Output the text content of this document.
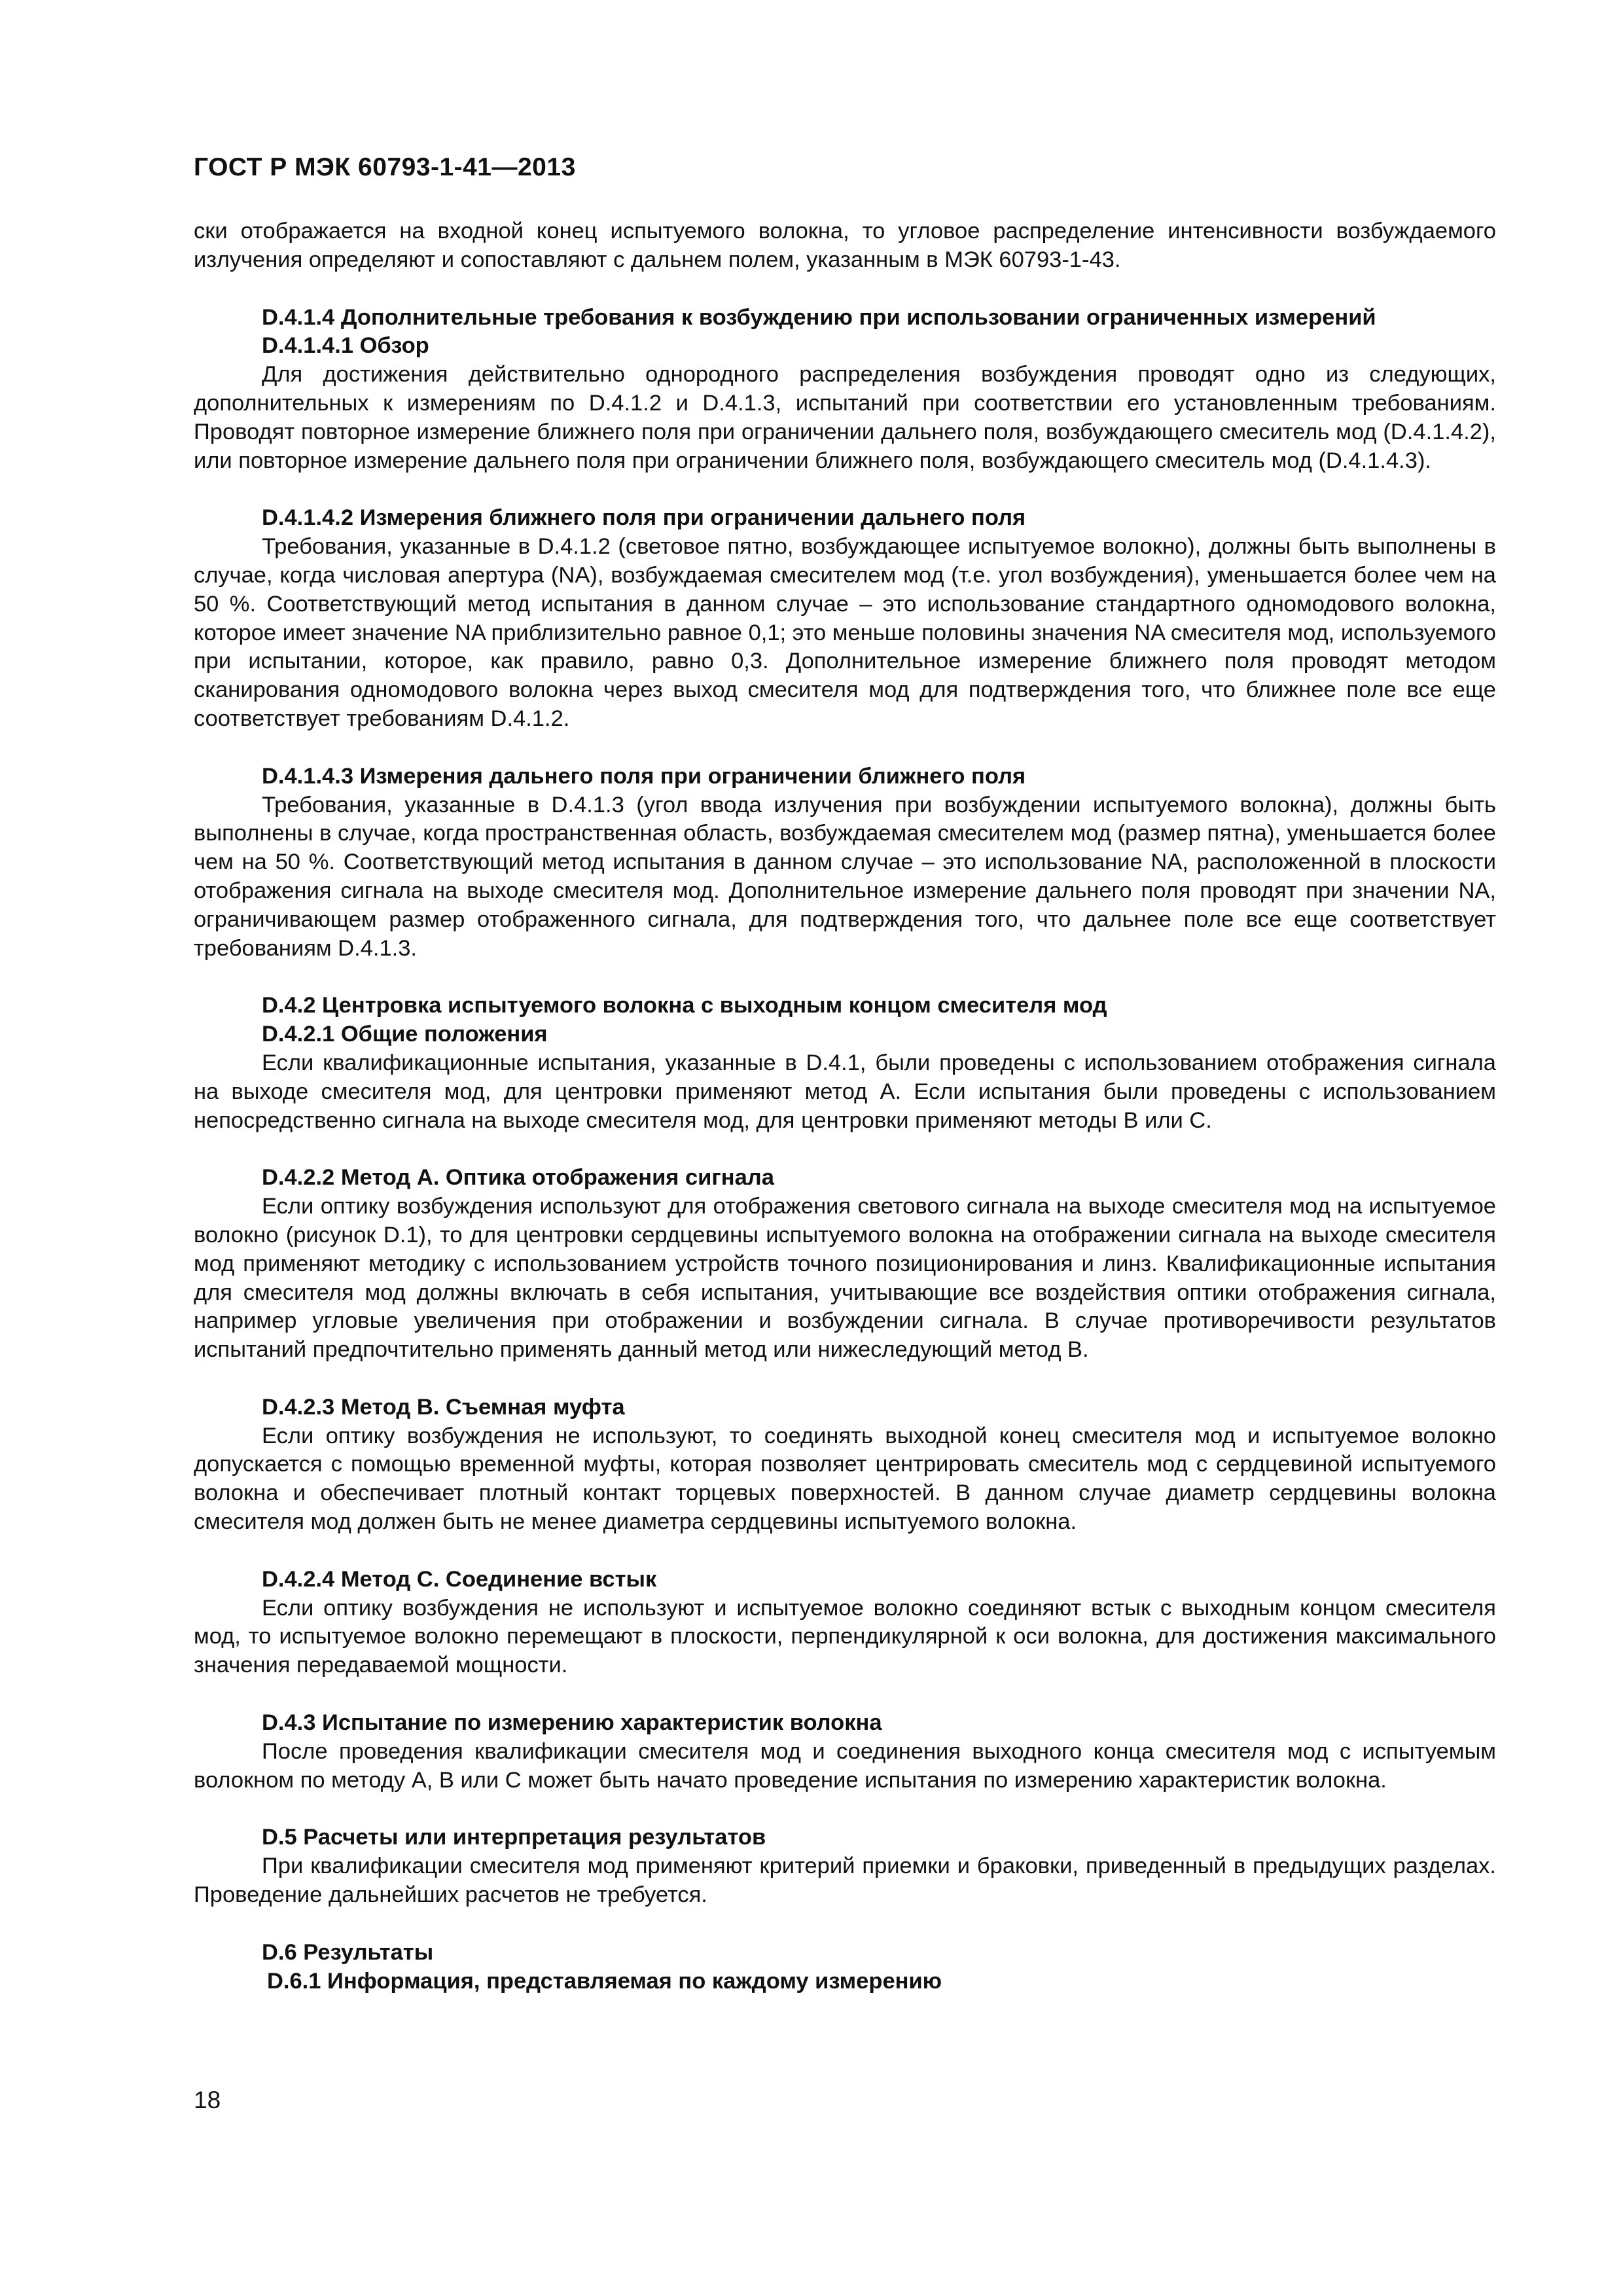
ГОСТ Р МЭК 60793-1-41—2013

ски отображается на входной конец испытуемого волокна, то угловое распределение интенсивности возбуждаемого излучения определяют и сопоставляют с дальнем полем, указанным в МЭК 60793-1-43.

D.4.1.4 Дополнительные требования к возбуждению при использовании ограниченных измерений
D.4.1.4.1 Обзор

Для достижения действительно однородного распределения возбуждения проводят одно из следующих, дополнительных к измерениям по D.4.1.2 и D.4.1.3, испытаний при соответствии его установленным требованиям. Проводят повторное измерение ближнего поля при ограничении дальнего поля, возбуждающего смеситель мод (D.4.1.4.2), или повторное измерение дальнего поля при ограничении ближнего поля, возбуждающего смеситель мод (D.4.1.4.3).

D.4.1.4.2 Измерения ближнего поля при ограничении дальнего поля

Требования, указанные в D.4.1.2 (световое пятно, возбуждающее испытуемое волокно), должны быть выполнены в случае, когда числовая апертура (NA), возбуждаемая смесителем мод (т.е. угол возбуждения), уменьшается более чем на 50 %. Соответствующий метод испытания в данном случае – это использование стандартного одномодового волокна, которое имеет значение NA приблизительно равное 0,1; это меньше половины значения NA смесителя мод, используемого при испытании, которое, как правило, равно 0,3. Дополнительное измерение ближнего поля проводят методом сканирования одномодового волокна через выход смесителя мод для подтверждения того, что ближнее поле все еще соответствует требованиям D.4.1.2.

D.4.1.4.3 Измерения дальнего поля при ограничении ближнего поля

Требования, указанные в D.4.1.3 (угол ввода излучения при возбуждении испытуемого волокна), должны быть выполнены в случае, когда пространственная область, возбуждаемая смесителем мод (размер пятна), уменьшается более чем на 50 %. Соответствующий метод испытания в данном случае – это использование NA, расположенной в плоскости отображения сигнала на выходе смесителя мод. Дополнительное измерение дальнего поля проводят при значении NA, ограничивающем размер отображенного сигнала, для подтверждения того, что дальнее поле все еще соответствует требованиям D.4.1.3.

D.4.2 Центровка испытуемого волокна с выходным концом смесителя мод
D.4.2.1 Общие положения

Если квалификационные испытания, указанные в D.4.1, были проведены с использованием отображения сигнала на выходе смесителя мод, для центровки применяют метод А. Если испытания были проведены с использованием непосредственно сигнала на выходе смесителя мод, для центровки применяют методы В или С.

D.4.2.2 Метод А. Оптика отображения сигнала

Если оптику возбуждения используют для отображения светового сигнала на выходе смесителя мод на испытуемое волокно (рисунок D.1), то для центровки сердцевины испытуемого волокна на отображении сигнала на выходе смесителя мод применяют методику с использованием устройств точного позиционирования и линз. Квалификационные испытания для смесителя мод должны включать в себя испытания, учитывающие все воздействия оптики отображения сигнала, например угловые увеличения при отображении и возбуждении сигнала. В случае противоречивости результатов испытаний предпочтительно применять данный метод или нижеследующий метод В.

D.4.2.3 Метод В. Съемная муфта

Если оптику возбуждения не используют, то соединять выходной конец смесителя мод и испытуемое волокно допускается с помощью временной муфты, которая позволяет центрировать смеситель мод с сердцевиной испытуемого волокна и обеспечивает плотный контакт торцевых поверхностей. В данном случае диаметр сердцевины волокна смесителя мод должен быть не менее диаметра сердцевины испытуемого волокна.

D.4.2.4 Метод С. Соединение встык

Если оптику возбуждения не используют и испытуемое волокно соединяют встык с выходным концом смесителя мод, то испытуемое волокно перемещают в плоскости, перпендикулярной к оси волокна, для достижения максимального значения передаваемой мощности.

D.4.3 Испытание по измерению характеристик волокна

После проведения квалификации смесителя мод и соединения выходного конца смесителя мод с испытуемым волокном по методу А, В или С может быть начато проведение испытания по измерению характеристик волокна.

D.5 Расчеты или интерпретация результатов

При квалификации смесителя мод применяют критерий приемки и браковки, приведенный в предыдущих разделах. Проведение дальнейших расчетов не требуется.

D.6 Результаты
D.6.1 Информация, представляемая по каждому измерению
18
